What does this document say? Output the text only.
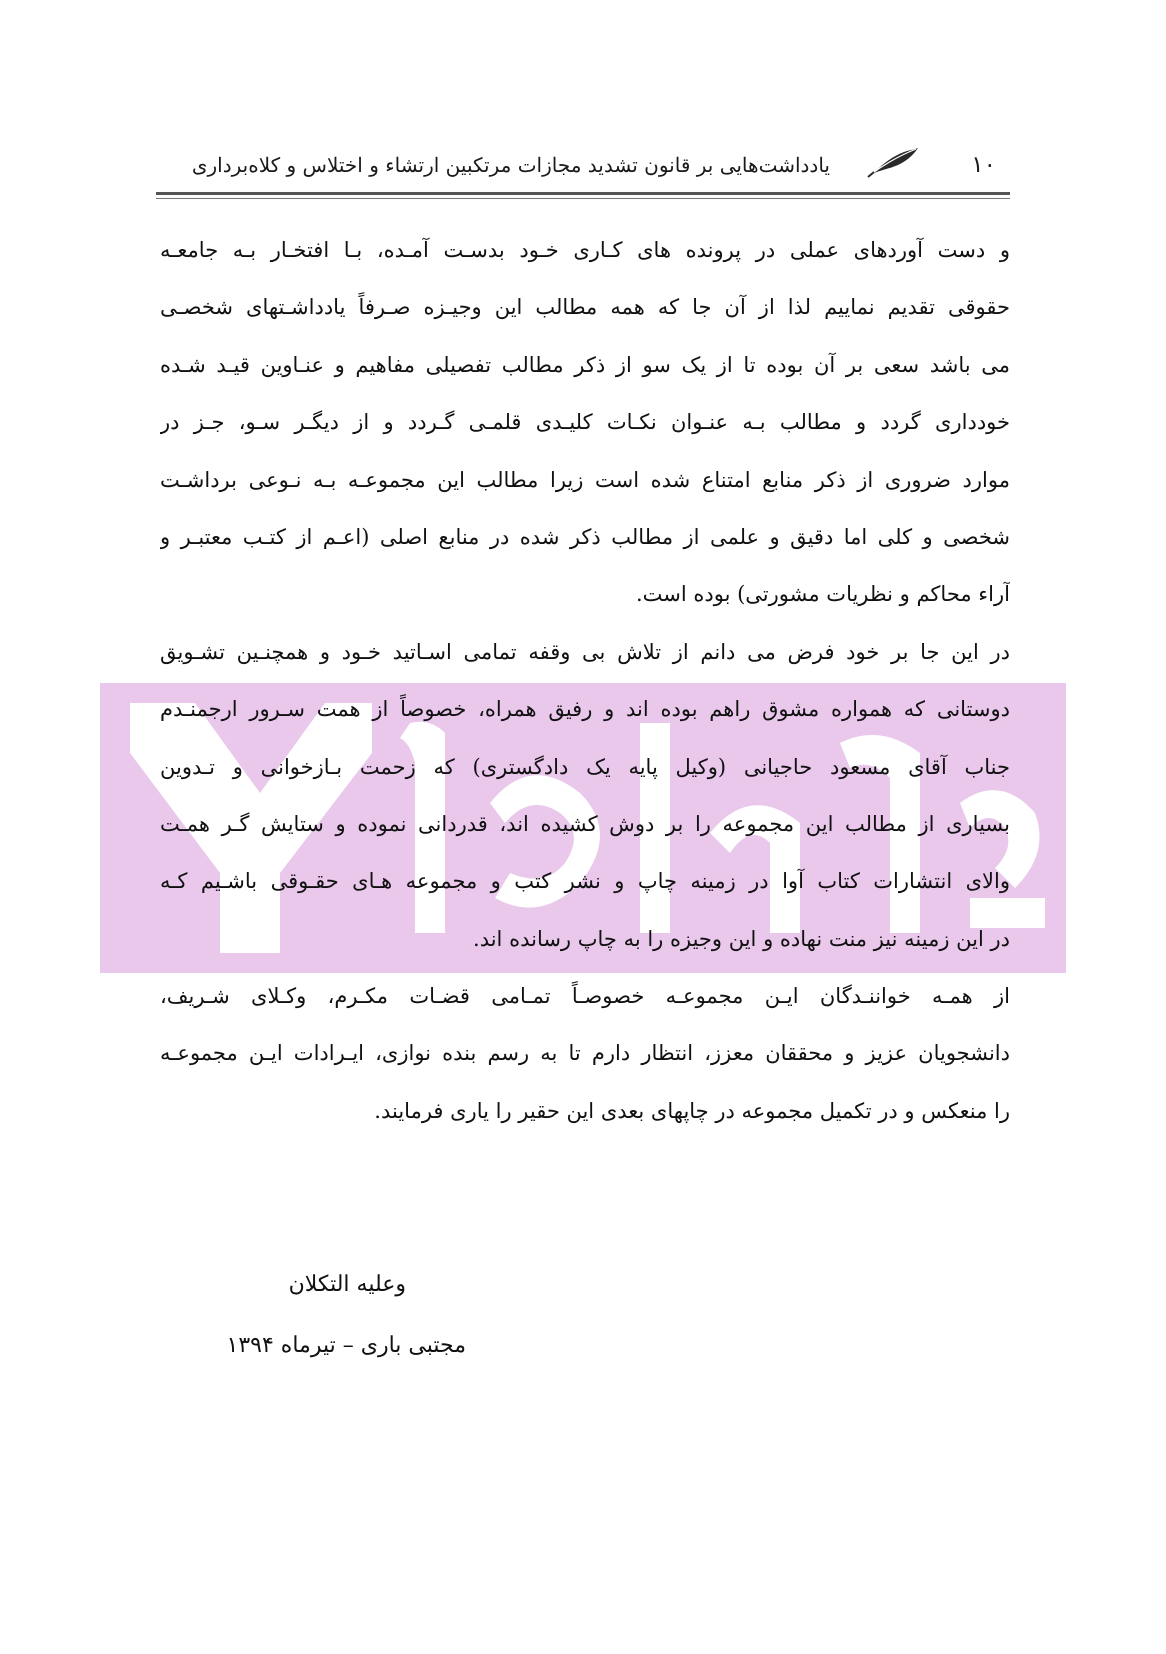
۱۰
یادداشت‌هایی بر قانون تشدید مجازات مرتکبین ارتشاء و اختلاس و کلاه‌برداری
و دست آوردهای عملی در پرونده های کـاری خـود بدسـت آمـده، بـا افتخـار بـه جامعـه
حقوقی تقدیم نماییم لذا از آن جا که همه مطالب این وجیـزه صـرفاً یادداشـتهای شخصـی
می باشد سعی بر آن بوده تا از یک سو از ذکر مطالب تفصیلی مفاهیم و عنـاوین قیـد شـده
خودداری گردد و مطالب بـه عنـوان نکـات کلیـدی قلمـی گـردد و از دیگـر سـو، جـز در
موارد ضروری از ذکر منابع امتناع شده است زیرا مطالب این مجموعـه بـه نـوعی برداشـت
شخصی و کلی اما دقیق و علمی از مطالب ذکر شده در منابع اصلی (اعـم از کتـب معتبـر و
آراء محاکم و نظریات مشورتی) بوده است.
در این جا بر خود فرض می دانم از تلاش بی وقفه تمامی اسـاتید خـود و همچنـین تشـویق
دوستانی که همواره مشوق راهم بوده اند و رفیق همراه، خصوصاً از همت سـرور ارجمنـدم
جناب آقای مسعود حاجیانی (وکیل پایه یک دادگستری) که زحمت بـازخوانی و تـدوین
بسیاری از مطالب این مجموعه را بر دوش کشیده اند، قدردانی نموده و ستایش گـر همـت
والای انتشارات کتاب آوا در زمینه چاپ و نشر کتب و مجموعه هـای حقـوقی باشـیم کـه
در این زمینه نیز منت نهاده و این وجیزه را به چاپ رسانده اند.
از همـه خواننـدگان ایـن مجموعـه خصوصـاً تمـامی قضـات مکـرم، وکـلای شـریف،
دانشجویان عزیز و محققان معزز، انتظار دارم تا به رسم بنده نوازی، ایـرادات ایـن مجموعـه
را منعکس و در تکمیل مجموعه در چاپهای بعدی این حقیر را یاری فرمایند.
وعلیه التکلان
مجتبی باری – تیرماه ۱۳۹۴
